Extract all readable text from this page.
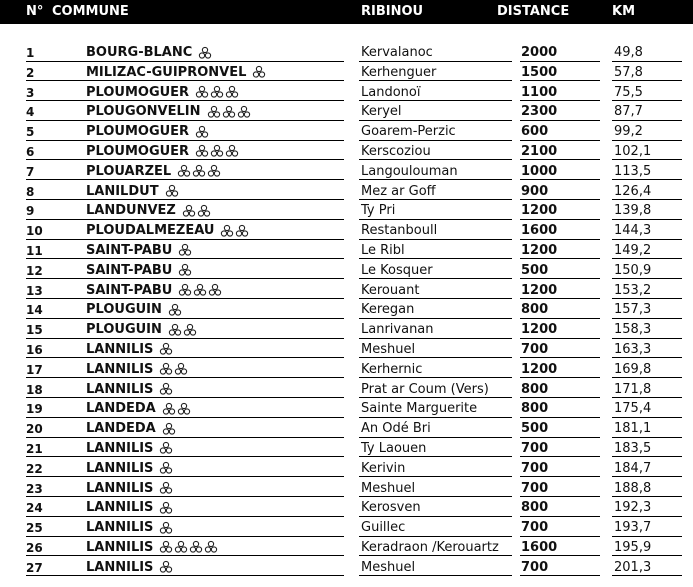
N° COMMUNE	RIBINOU	DISTANCE	KM
1	BOURG-BLANC	Kervalanoc	2000	49,8
2	MILIZAC-GUIPRONVEL	Kerhenguer	1500	57,8
3	PLOUMOGUER	Landonoï	1100	75,5
4	PLOUGONVELIN	Keryel	2300	87,7
5	PLOUMOGUER	Goarem-Perzic	600	99,2
6	PLOUMOGUER	Kerscoziou	2100	102,1
7	PLOUARZEL	Langoulouman	1000	113,5
8	LANILDUT	Mez ar Goff	900	126,4
9	LANDUNVEZ	Ty Pri	1200	139,8
10	PLOUDALMEZEAU	Restanboull	1600	144,3
11	SAINT-PABU	Le Ribl	1200	149,2
12	SAINT-PABU	Le Kosquer	500	150,9
13	SAINT-PABU	Kerouant	1200	153,2
14	PLOUGUIN	Keregan	800	157,3
15	PLOUGUIN	Lanrivanan	1200	158,3
16	LANNILIS	Meshuel	700	163,3
17	LANNILIS	Kerhernic	1200	169,8
18	LANNILIS	Prat ar Coum (Vers) 800	171,8
19	LANDEDA	Sainte Marguerite	800	175,4
20	LANDEDA	An Odé Bri	500	181,1
21	LANNILIS	Ty Laouen	700	183,5
22	LANNILIS	Kerivin	700	184,7
23	LANNILIS	Meshuel	700	188,8
24	LANNILIS	Kerosven	800	192,3
25	LANNILIS	Guillec	700	193,7
26	LANNILIS	Keradraon /Kerouartz 1600	195,9
27	LANNILIS	Meshuel	700	201,3
